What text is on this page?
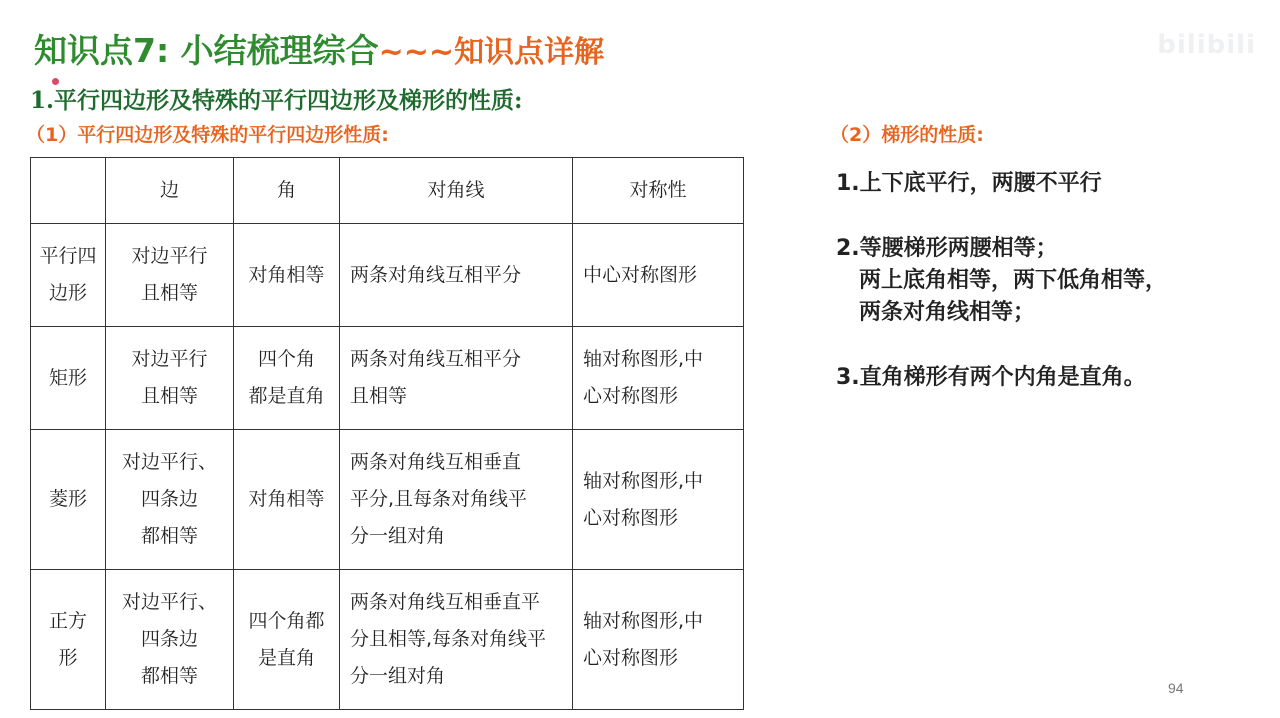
知识点7: 小结梳理综合~~~知识点详解	bilibili
1.平行四边形及特殊的平行四边形及梯形的性质:
（1）平行四边形及特殊的平行四边形性质:	（2）梯形的性质:
	边	角	对角线	对称性
平行四
边形	对边平行
且相等	对角相等	两条对角线互相平分	中心对称图形
矩形	对边平行
且相等	四个角
都是直角	两条对角线互相平分
且相等	轴对称图形,中
心对称图形
菱形	对边平行、
四条边
都相等	对角相等	两条对角线互相垂直
平分,且每条对角线平
分一组对角	轴对称图形,中
心对称图形
正方
形	对边平行、
四条边
都相等	四个角都
是直角	两条对角线互相垂直平
分且相等,每条对角线平
分一组对角	轴对称图形,中
心对称图形
1.上下底平行，两腰不平行
2.等腰梯形两腰相等；
两上底角相等，两下低角相等，
两条对角线相等；
3.直角梯形有两个内角是直角。
94
